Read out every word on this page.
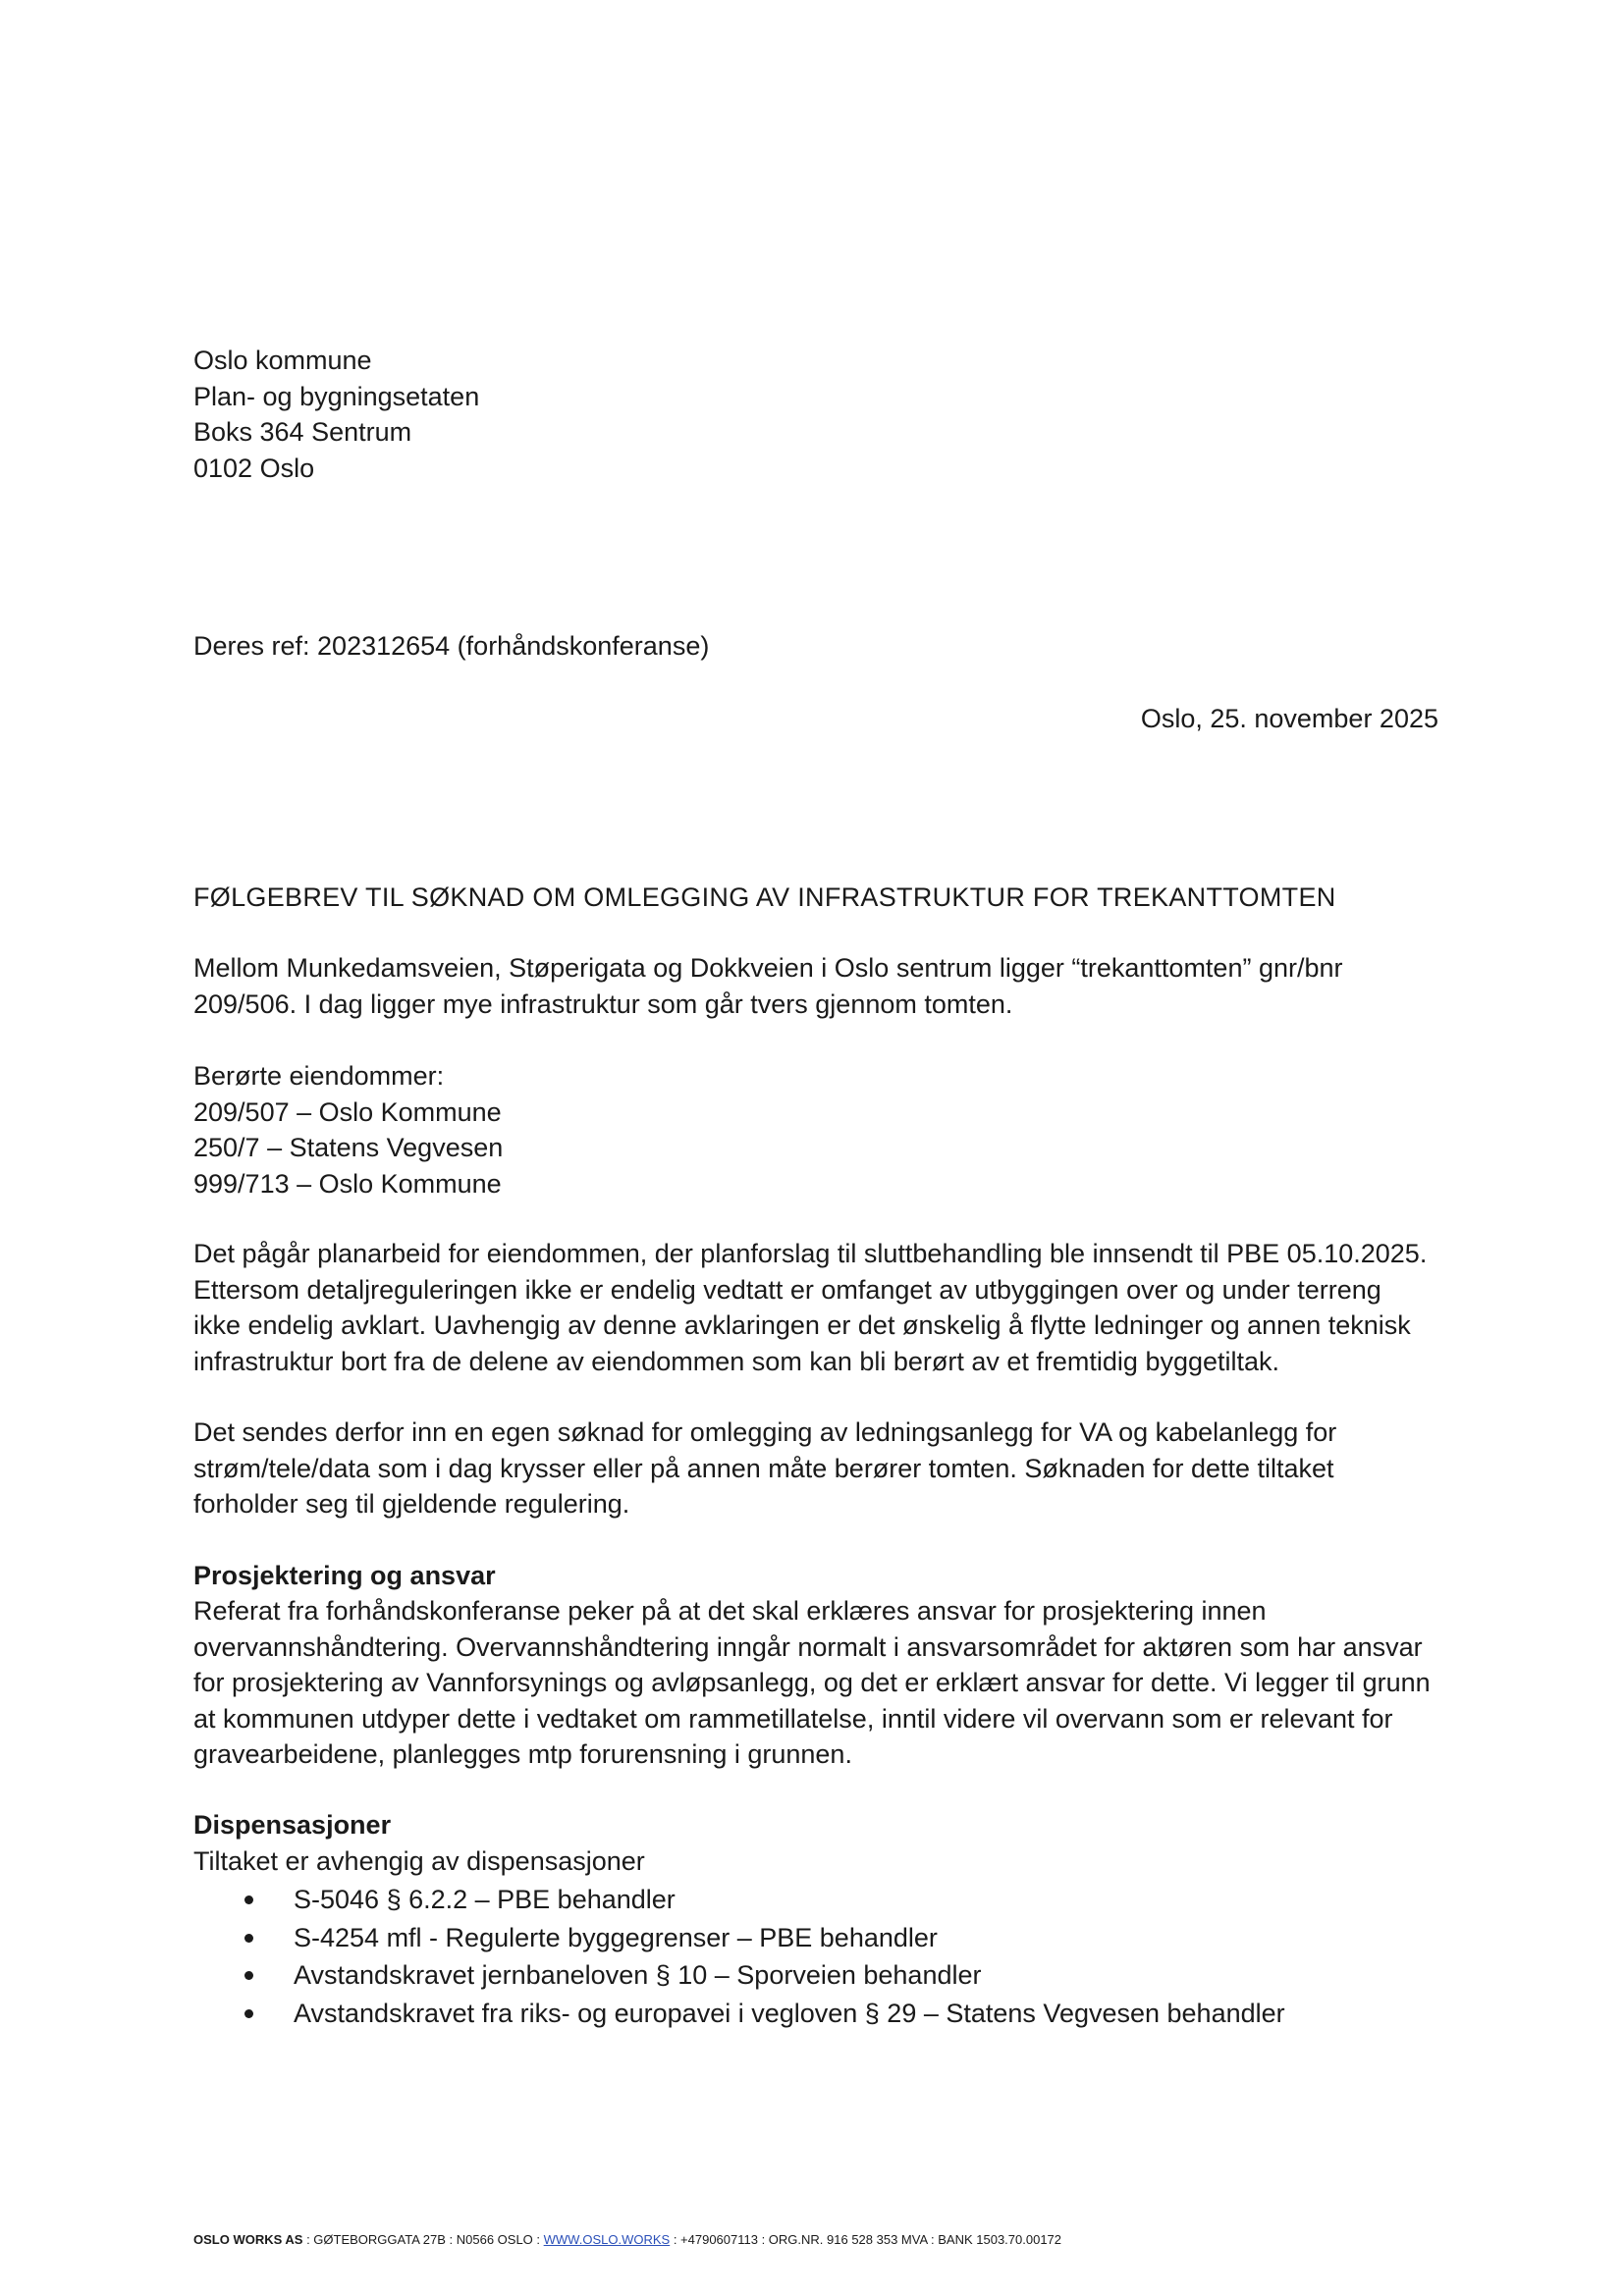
Oslo kommune
Plan- og bygningsetaten
Boks 364 Sentrum
0102 Oslo
Deres ref: 202312654 (forhåndskonferanse)
Oslo, 25. november 2025
FØLGEBREV TIL SØKNAD OM OMLEGGING AV INFRASTRUKTUR FOR TREKANTTOMTEN
Mellom Munkedamsveien, Støperigata og Dokkveien i Oslo sentrum ligger “trekanttomten” gnr/bnr
209/506. I dag ligger mye infrastruktur som går tvers gjennom tomten.
Berørte eiendommer:
209/507 – Oslo Kommune
250/7 – Statens Vegvesen
999/713 – Oslo Kommune
Det pågår planarbeid for eiendommen, der planforslag til sluttbehandling ble innsendt til PBE 05.10.2025.
Ettersom detaljreguleringen ikke er endelig vedtatt er omfanget av utbyggingen over og under terreng
ikke endelig avklart. Uavhengig av denne avklaringen er det ønskelig å flytte ledninger og annen teknisk
infrastruktur bort fra de delene av eiendommen som kan bli berørt av et fremtidig byggetiltak.
Det sendes derfor inn en egen søknad for omlegging av ledningsanlegg for VA og kabelanlegg for
strøm/tele/data som i dag krysser eller på annen måte berører tomten. Søknaden for dette tiltaket
forholder seg til gjeldende regulering.
Prosjektering og ansvar
Referat fra forhåndskonferanse peker på at det skal erklæres ansvar for prosjektering innen
overvannshåndtering. Overvannshåndtering inngår normalt i ansvarsområdet for aktøren som har ansvar
for prosjektering av Vannforsynings og avløpsanlegg, og det er erklært ansvar for dette. Vi legger til grunn
at kommunen utdyper dette i vedtaket om rammetillatelse, inntil videre vil overvann som er relevant for
gravearbeidene, planlegges mtp forurensning i grunnen.
Dispensasjoner
Tiltaket er avhengig av dispensasjoner
S-5046 § 6.2.2 – PBE behandler
S-4254 mfl - Regulerte byggegrenser – PBE behandler
Avstandskravet jernbaneloven § 10 – Sporveien behandler
Avstandskravet fra riks- og europavei i vegloven § 29 – Statens Vegvesen behandler
OSLO WORKS AS : GØTEBORGGATA 27B : N0566 OSLO : WWW.OSLO.WORKS : +4790607113 : ORG.NR. 916 528 353 MVA : BANK 1503.70.00172
